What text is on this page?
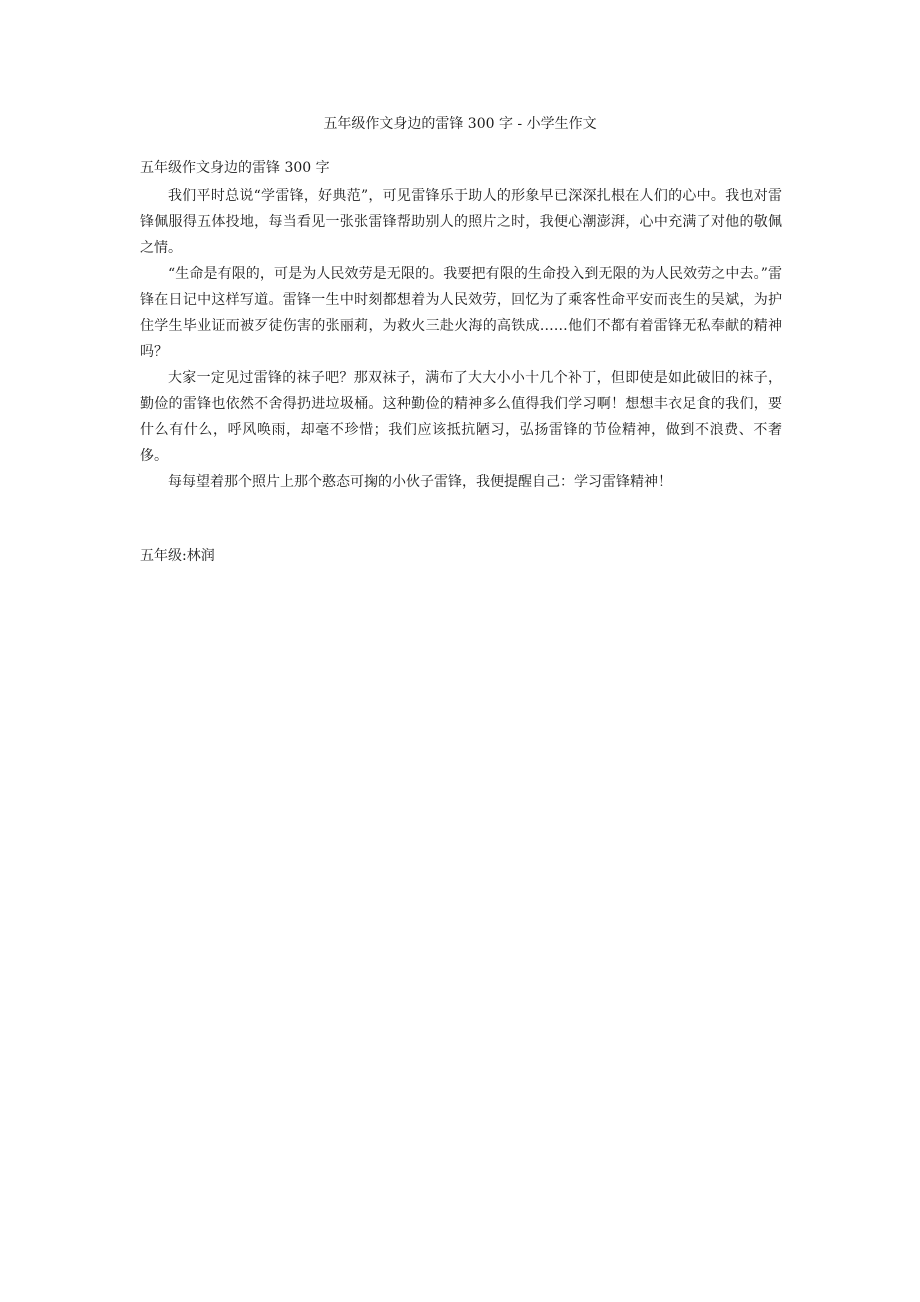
五年级作文身边的雷锋 300 字 - 小学生作文
五年级作文身边的雷锋 300 字

我们平时总说“学雷锋，好典范”，可见雷锋乐于助人的形象早已深深扎根在人们的心中。我也对雷锋佩服得五体投地，每当看见一张张雷锋帮助别人的照片之时，我便心潮澎湃，心中充满了对他的敬佩之情。

“生命是有限的，可是为人民效劳是无限的。我要把有限的生命投入到无限的为人民效劳之中去。”雷锋在日记中这样写道。雷锋一生中时刻都想着为人民效劳，回忆为了乘客性命平安而丧生的吴斌，为护住学生毕业证而被歹徒伤害的张丽莉，为救火三赴火海的高铁成……他们不都有着雷锋无私奉献的精神吗？

大家一定见过雷锋的袜子吧？那双袜子，满布了大大小小十几个补丁，但即使是如此破旧的袜子，勤俭的雷锋也依然不舍得扔进垃圾桶。这种勤俭的精神多么值得我们学习啊！想想丰衣足食的我们，要什么有什么，呼风唤雨，却毫不珍惜；我们应该抵抗陋习，弘扬雷锋的节俭精神，做到不浪费、不奢侈。

每每望着那个照片上那个憨态可掬的小伙子雷锋，我便提醒自己：学习雷锋精神！

五年级:林润
